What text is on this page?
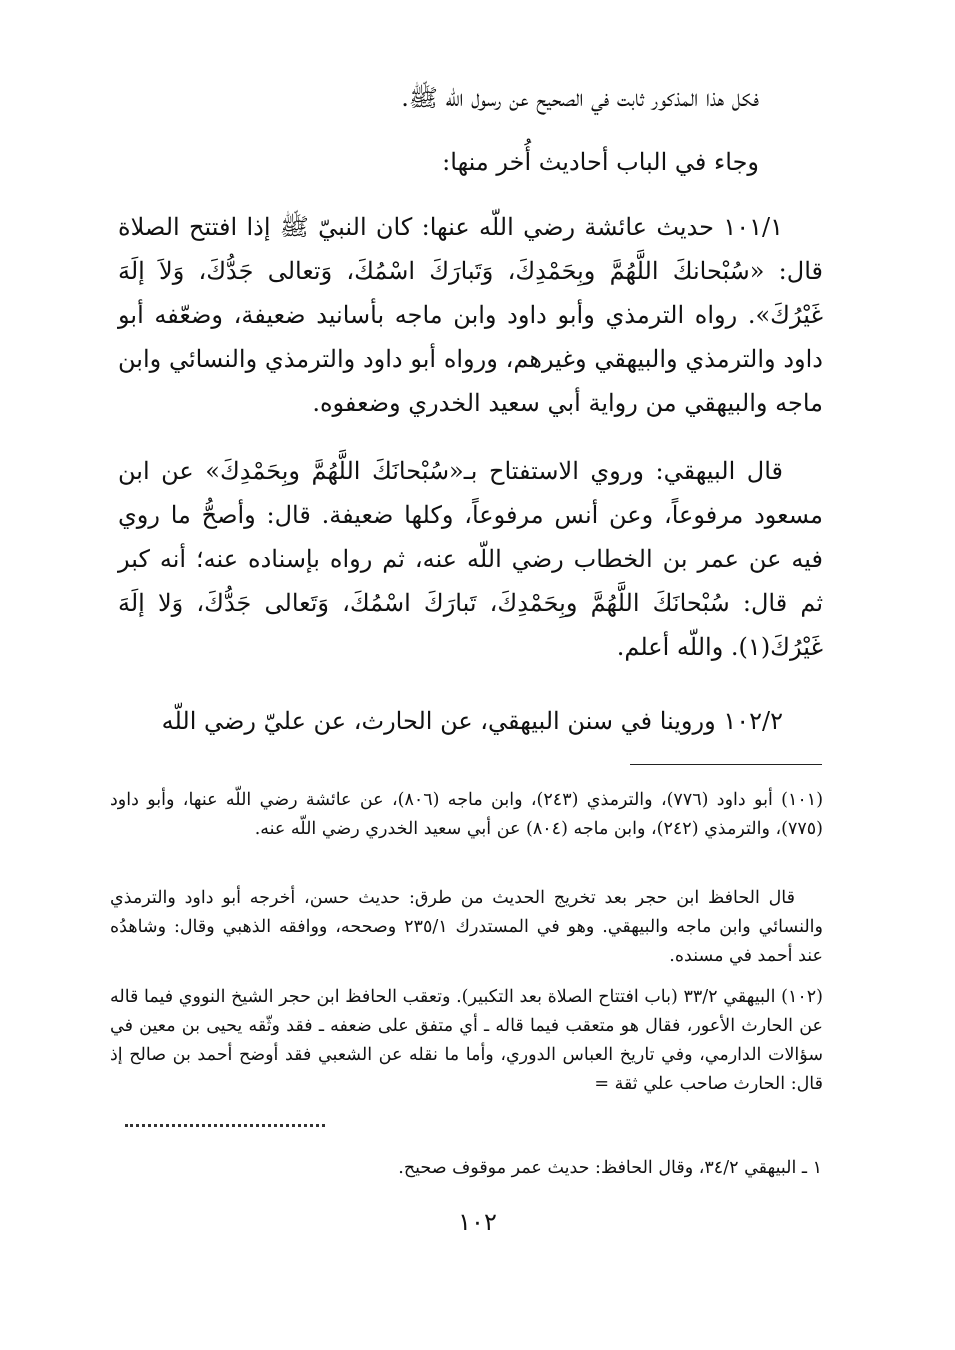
فكل هذا المذكور ثابت في الصحيح عن رسول اللّه ﷺ.
وجاء في الباب أحاديث أُخر منها:
١٠١/١ حديث عائشة رضي اللّه عنها: كان النبيّ ﷺ إذا افتتح الصلاة قال: «سُبْحانكَ اللَّهُمَّ وبِحَمْدِكَ، وَتَبارَكَ اسْمُكَ، وَتعالى جَدُّكَ، وَلاَ إلَهَ غَيْرُكَ». رواه الترمذي وأبو داود وابن ماجه بأسانيد ضعيفة، وضعّفه أبو داود والترمذي والبيهقي وغيرهم، ورواه أبو داود والترمذي والنسائي وابن ماجه والبيهقي من رواية أبي سعيد الخدري وضعفوه.
قال البيهقي: وروي الاستفتاح بـ«سُبْحانَكَ اللَّهُمَّ وبِحَمْدِكَ» عن ابن مسعود مرفوعاً، وعن أنس مرفوعاً، وكلها ضعيفة. قال: وأصحُّ ما روي فيه عن عمر بن الخطاب رضي اللّه عنه، ثم رواه بإسناده عنه؛ أنه كبر ثم قال: سُبْحانَكَ اللَّهُمَّ وبِحَمْدِكَ، تَبارَكَ اسْمُكَ، وَتَعالى جَدُّكَ، وَلا إلَهَ غَيْرُكَ(١). واللّه أعلم.
١٠٢/٢ وروينا في سنن البيهقي، عن الحارث، عن عليّ رضي اللّه
(١٠١) أبو داود (٧٧٦)، والترمذي (٢٤٣)، وابن ماجه (٨٠٦)، عن عائشة رضي اللّه عنها، وأبو داود (٧٧٥)، والترمذي (٢٤٢)، وابن ماجه (٨٠٤) عن أبي سعيد الخدري رضي اللّه عنه.
قال الحافظ ابن حجر بعد تخريج الحديث من طرق: حديث حسن، أخرجه أبو داود والترمذي والنسائي وابن ماجه والبيهقي. وهو في المستدرك ٢٣٥/١ وصححه، ووافقه الذهبي وقال: وشاهدُه عند أحمد في مسنده.
(١٠٢) البيهقي ٣٣/٢ (باب افتتاح الصلاة بعد التكبير). وتعقب الحافظ ابن حجر الشيخ النووي فيما قاله عن الحارث الأعور، فقال هو متعقب فيما قاله ـ أي متفق على ضعفه ـ فقد وثّقه يحيى بن معين في سؤالات الدارمي، وفي تاريخ العباس الدوري، وأما ما نقله عن الشعبي فقد أوضح أحمد بن صالح إذ قال: الحارث صاحب علي ثقة =
١ ـ البيهقي ٣٤/٢، وقال الحافظ: حديث عمر موقوف صحيح.
١٠٢
